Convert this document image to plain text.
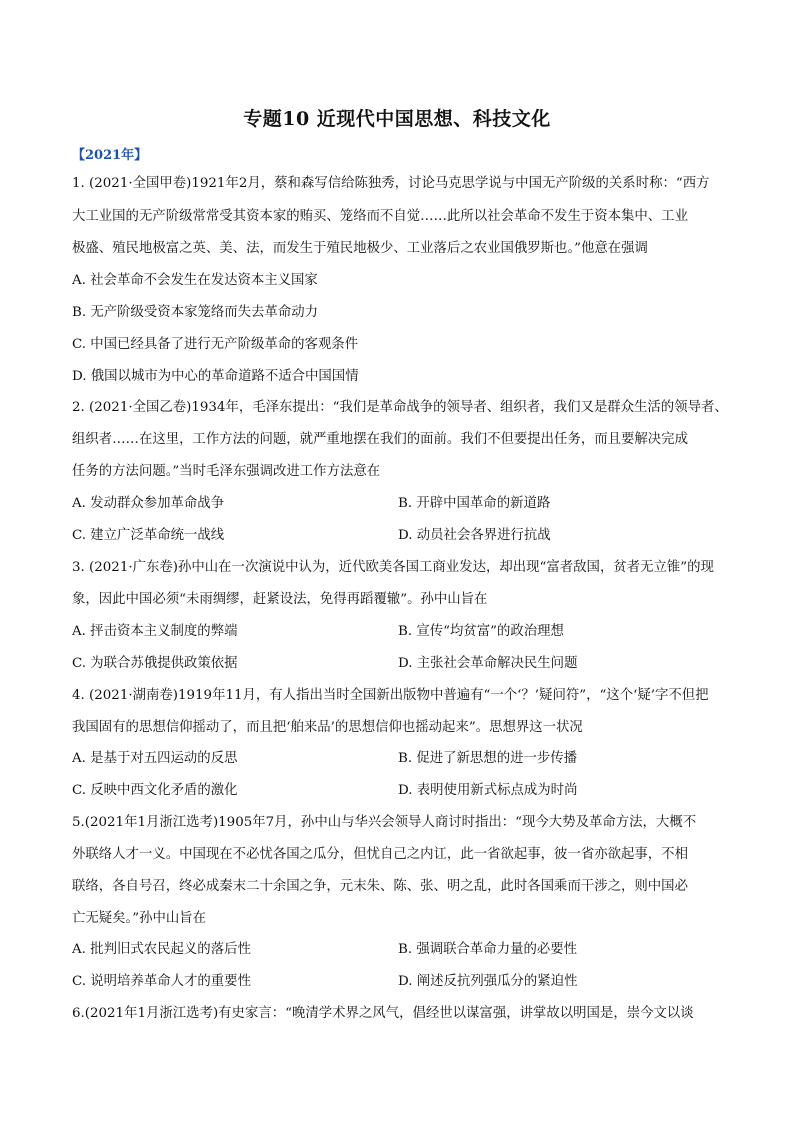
专题10 近现代中国思想、科技文化
【2021年】
1. (2021·全国甲卷)1921年2月，蔡和森写信给陈独秀，讨论马克思学说与中国无产阶级的关系时称：“西方
大工业国的无产阶级常常受其资本家的贿买、笼络而不自觉……此所以社会革命不发生于资本集中、工业
极盛、殖民地极富之英、美、法，而发生于殖民地极少、工业落后之农业国俄罗斯也。”他意在强调
A. 社会革命不会发生在发达资本主义国家
B. 无产阶级受资本家笼络而失去革命动力
C. 中国已经具备了进行无产阶级革命的客观条件
D. 俄国以城市为中心的革命道路不适合中国国情
2. (2021·全国乙卷)1934年，毛泽东提出：“我们是革命战争的领导者、组织者，我们又是群众生活的领导者、
组织者……在这里，工作方法的问题，就严重地摆在我们的面前。我们不但要提出任务，而且要解决完成
任务的方法问题。”当时毛泽东强调改进工作方法意在
A. 发动群众参加革命战争	B. 开辟中国革命的新道路
C. 建立广泛革命统一战线	D. 动员社会各界进行抗战
3. (2021·广东卷)孙中山在一次演说中认为，近代欧美各国工商业发达，却出现“富者敌国，贫者无立锥”的现
象，因此中国必须“未雨绸缪，赶紧设法，免得再蹈覆辙”。孙中山旨在
A. 抨击资本主义制度的弊端	B. 宣传“均贫富”的政治理想
C. 为联合苏俄提供政策依据	D. 主张社会革命解决民生问题
4. (2021·湖南卷)1919年11月，有人指出当时全国新出版物中普遍有“一个‘？’疑问符”，“这个‘疑’字不但把
我国固有的思想信仰摇动了，而且把‘舶来品’的思想信仰也摇动起来”。思想界这一状况
A. 是基于对五四运动的反思	B. 促进了新思想的进一步传播
C. 反映中西文化矛盾的激化	D. 表明使用新式标点成为时尚
5.(2021年1月浙江选考)1905年7月，孙中山与华兴会领导人商讨时指出：“现今大势及革命方法，大概不
外联络人才一义。中国现在不必忧各国之瓜分，但忧自己之内讧，此一省欲起事，彼一省亦欲起事，不相
联络，各自号召，终必成秦末二十余国之争，元末朱、陈、张、明之乱，此时各国乘而干涉之，则中国必
亡无疑矣。”孙中山旨在
A. 批判旧式农民起义的落后性	B. 强调联合革命力量的必要性
C. 说明培养革命人才的重要性	D. 阐述反抗列强瓜分的紧迫性
6.(2021年1月浙江选考)有史家言：“晚清学术界之风气，倡经世以谋富强，讲掌故以明国是，崇今文以谈
